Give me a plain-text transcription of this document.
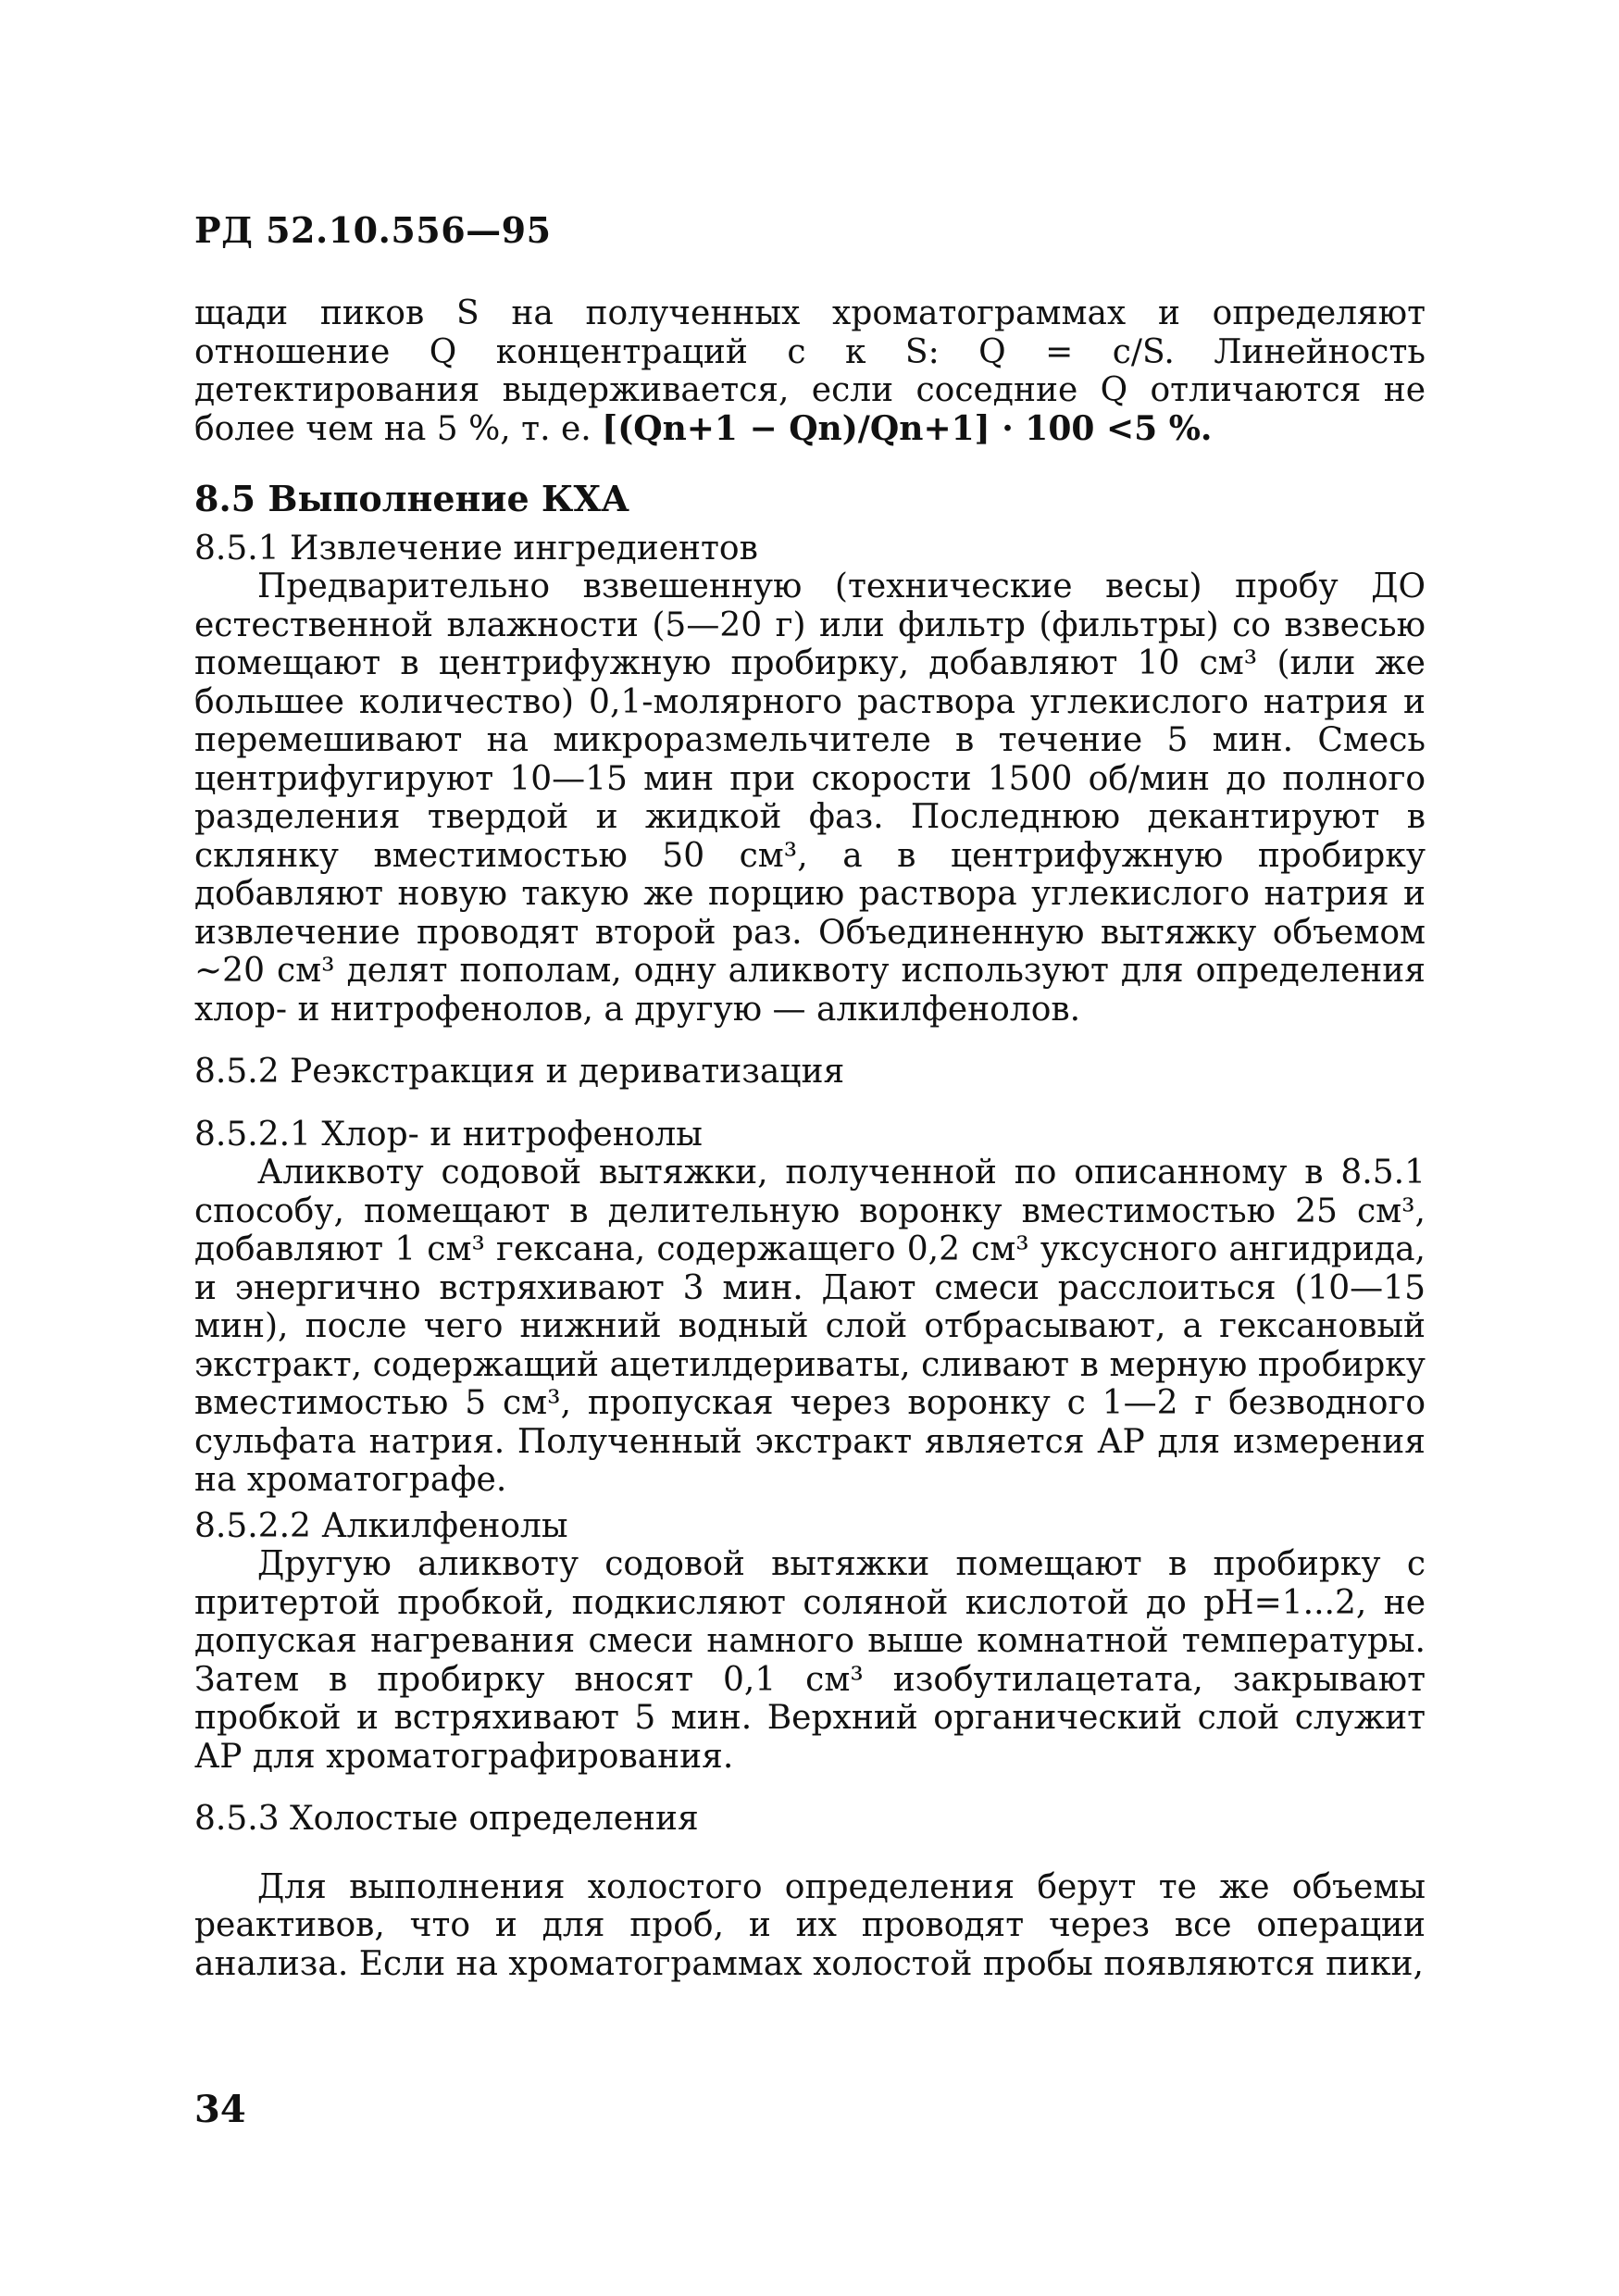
РД 52.10.556—95

щади пиков S на полученных хроматограммах и определяют отношение Q концентраций c к S: Q = c/S. Линейность детектирования выдерживается, если соседние Q отличаются не более чем на 5 %, т. е. [(Qn+1 − Qn)/Qn+1] · 100 <5 %.

8.5 Выполнение КХА

8.5.1 Извлечение ингредиентов

Предварительно взвешенную (технические весы) пробу ДО естественной влажности (5—20 г) или фильтр (фильтры) со взвесью помещают в центрифужную пробирку, добавляют 10 см³ (или же большее количество) 0,1-молярного раствора углекислого натрия и перемешивают на микроразмельчителе в течение 5 мин. Смесь центрифугируют 10—15 мин при скорости 1500 об/мин до полного разделения твердой и жидкой фаз. Последнюю декантируют в склянку вместимостью 50 см³, а в центрифужную пробирку добавляют новую такую же порцию раствора углекислого натрия и извлечение проводят второй раз. Объединенную вытяжку объемом ~20 см³ делят пополам, одну аликвоту используют для определения хлор- и нитрофенолов, а другую — алкилфенолов.

8.5.2 Реэкстракция и дериватизация

8.5.2.1 Хлор- и нитрофенолы

Аликвоту содовой вытяжки, полученной по описанному в 8.5.1 способу, помещают в делительную воронку вместимостью 25 см³, добавляют 1 см³ гексана, содержащего 0,2 см³ уксусного ангидрида, и энергично встряхивают 3 мин. Дают смеси расслоиться (10—15 мин), после чего нижний водный слой отбрасывают, а гексановый экстракт, содержащий ацетилдериваты, сливают в мерную пробирку вместимостью 5 см³, пропуская через воронку с 1—2 г безводного сульфата натрия. Полученный экстракт является АР для измерения на хроматографе.

8.5.2.2 Алкилфенолы

Другую аликвоту содовой вытяжки помещают в пробирку с притертой пробкой, подкисляют соляной кислотой до pH=1...2, не допуская нагревания смеси намного выше комнатной температуры. Затем в пробирку вносят 0,1 см³ изобутилацетата, закрывают пробкой и встряхивают 5 мин. Верхний органический слой служит АР для хроматографирования.

8.5.3 Холостые определения

Для выполнения холостого определения берут те же объемы реактивов, что и для проб, и их проводят через все операции анализа. Если на хроматограммах холостой пробы появляются пики,

34
